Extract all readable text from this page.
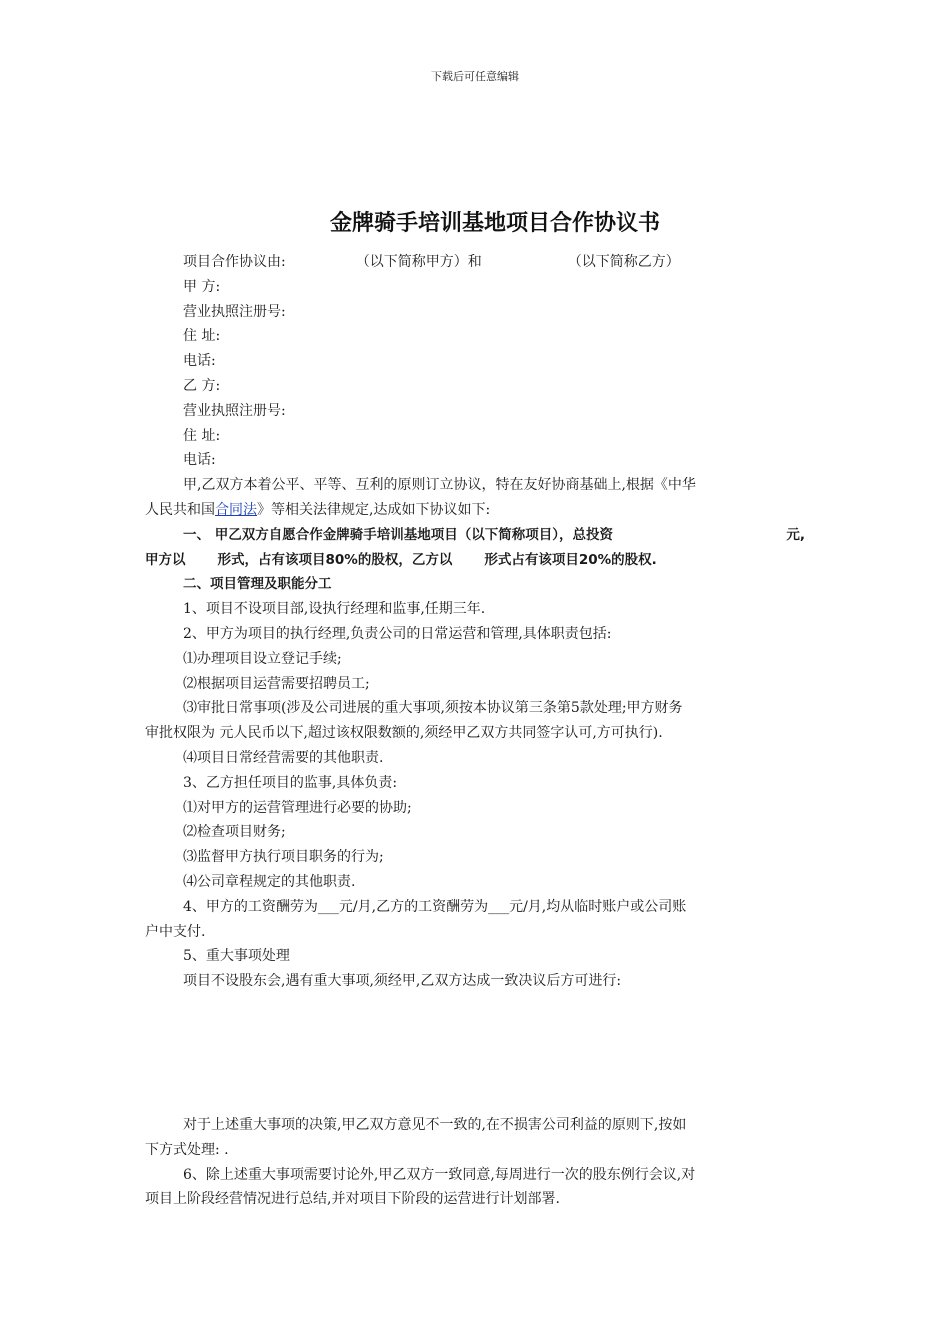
下载后可任意编辑
金牌骑手培训基地项目合作协议书
项目合作协议由:	（以下简称甲方）和	（以下简称乙方）
甲 方:
营业执照注册号:
住 址:
电话:
乙 方:
营业执照注册号:
住 址:
电话:
甲,乙双方本着公平、平等、互利的原则订立协议，特在友好协商基础上,根据《中华
人民共和国合同法》等相关法律规定,达成如下协议如下:
一、 甲乙双方自愿合作金牌骑手培训基地项目（以下简称项目），总投资	元,
甲方以 形式，占有该项目80%的股权，乙方以 形式占有该项目20%的股权.
二、项目管理及职能分工
1、项目不设项目部,设执行经理和监事,任期三年.
2、甲方为项目的执行经理,负责公司的日常运营和管理,具体职责包括:
⑴办理项目设立登记手续;
⑵根据项目运营需要招聘员工;
⑶审批日常事项(涉及公司进展的重大事项,须按本协议第三条第5款处理;甲方财务
审批权限为 元人民币以下,超过该权限数额的,须经甲乙双方共同签字认可,方可执行).
⑷项目日常经营需要的其他职责.
3、乙方担任项目的监事,具体负责:
⑴对甲方的运营管理进行必要的协助;
⑵检查项目财务;
⑶监督甲方执行项目职务的行为;
⑷公司章程规定的其他职责.
4、甲方的工资酬劳为___元/月,乙方的工资酬劳为___元/月,均从临时账户或公司账
户中支付.
5、重大事项处理
项目不设股东会,遇有重大事项,须经甲,乙双方达成一致决议后方可进行:
对于上述重大事项的决策,甲乙双方意见不一致的,在不损害公司利益的原则下,按如
下方式处理: .
6、除上述重大事项需要讨论外,甲乙双方一致同意,每周进行一次的股东例行会议,对
项目上阶段经营情况进行总结,并对项目下阶段的运营进行计划部署.
